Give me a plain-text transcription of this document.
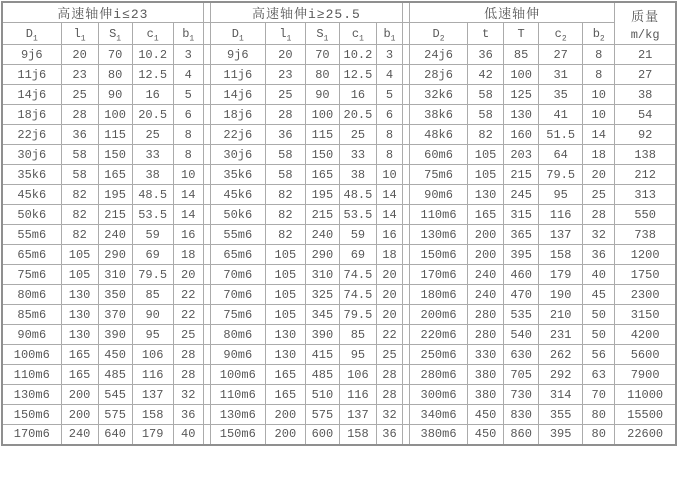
高速轴伸i≤23						高速轴伸i≥25.5						低速轴伸					质量
m/kg

$D_1$	$l_1$	$S_1$	$c_1$	$b_1$		$D_1$	$l_1$	$S_1$	$c_1$	$b_1$		$D_2$	t	T	$c_2$	$b_2$
9j6	20	70	10.2	3		9j6	20	70	10.2	3		24j6	36	85	27	8	21
11j6	23	80	12.5	4		11j6	23	80	12.5	4		28j6	42	100	31	8	27
14j6	25	90	16	5		14j6	25	90	16	5		32k6	58	125	35	10	38
18j6	28	100	20.5	6		18j6	28	100	20.5	6		38k6	58	130	41	10	54
22j6	36	115	25	8		22j6	36	115	25	8		48k6	82	160	51.5	14	92
30j6	58	150	33	8		30j6	58	150	33	8		60m6	105	203	64	18	138
35k6	58	165	38	10		35k6	58	165	38	10		75m6	105	215	79.5	20	212
45k6	82	195	48.5	14		45k6	82	195	48.5	14		90m6	130	245	95	25	313
50k6	82	215	53.5	14		50k6	82	215	53.5	14		110m6	165	315	116	28	550
55m6	82	240	59	16		55m6	82	240	59	16		130m6	200	365	137	32	738
65m6	105	290	69	18		65m6	105	290	69	18		150m6	200	395	158	36	1200
75m6	105	310	79.5	20		70m6	105	310	74.5	20		170m6	240	460	179	40	1750
80m6	130	350	85	22		70m6	105	325	74.5	20		180m6	240	470	190	45	2300
85m6	130	370	90	22		75m6	105	345	79.5	20		200m6	280	535	210	50	3150
90m6	130	390	95	25		80m6	130	390	85	22		220m6	280	540	231	50	4200
100m6	165	450	106	28		90m6	130	415	95	25		250m6	330	630	262	56	5600
110m6	165	485	116	28		100m6	165	485	106	28		280m6	380	705	292	63	7900
130m6	200	545	137	32		110m6	165	510	116	28		300m6	380	730	314	70	11000
150m6	200	575	158	36		130m6	200	575	137	32		340m6	450	830	355	80	15500
170m6	240	640	179	40		150m6	200	600	158	36		380m6	450	860	395	80	22600
